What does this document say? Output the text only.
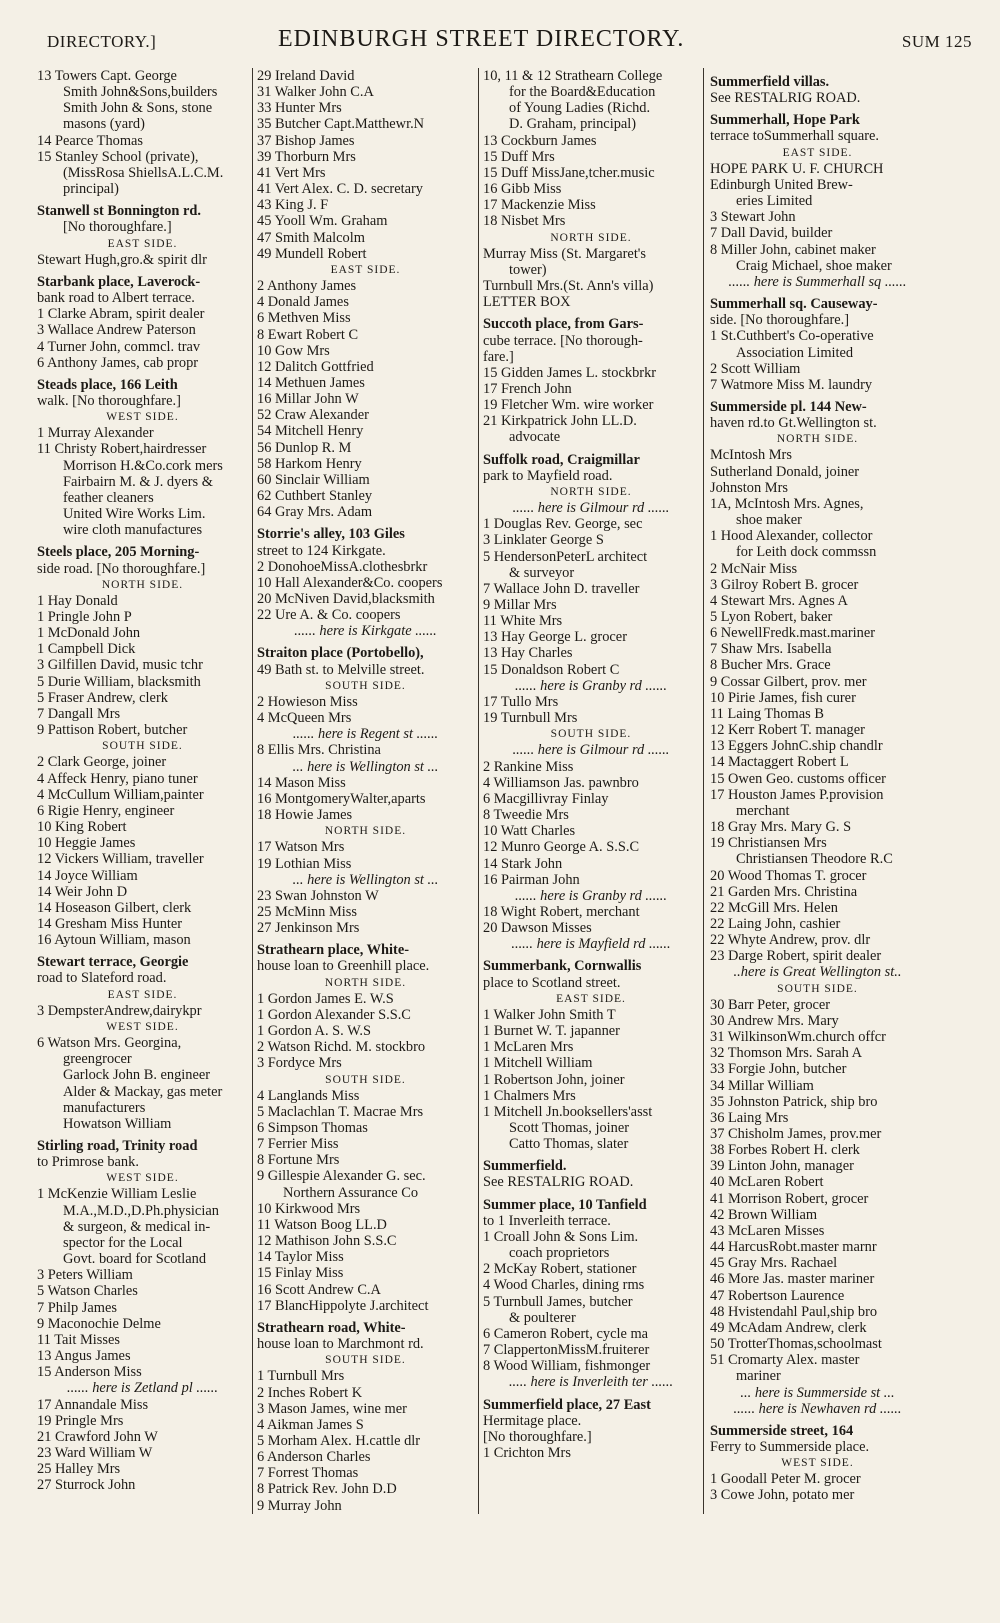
DIRECTORY.]	EDINBURGH STREET DIRECTORY.	SUM 125
13 Towers Capt. George
Smith John&Sons,builders
Smith John & Sons, stone
masons (yard)
14 Pearce Thomas
15 Stanley School (private),
(MissRosa ShiellsA.L.C.M.
principal)
Stanwell st Bonnington rd.
[No thoroughfare.]
EAST SIDE.
Stewart Hugh,gro.& spirit dlr
Starbank place, Laverock-
bank road to Albert terrace.
1 Clarke Abram, spirit dealer
3 Wallace Andrew Paterson
4 Turner John, commcl. trav
6 Anthony James, cab propr
Steads place, 166 Leith
walk. [No thoroughfare.]
WEST SIDE.
1 Murray Alexander
11 Christy Robert,hairdresser
Morrison H.&Co.cork mers
Fairbairn M. & J. dyers &
feather cleaners
United Wire Works Lim.
wire cloth manufactures
Steels place, 205 Morning-
side road. [No thoroughfare.]
NORTH SIDE.
1 Hay Donald
1 Pringle John P
1 McDonald John
1 Campbell Dick
3 Gilfillen David, music tchr
5 Durie William, blacksmith
5 Fraser Andrew, clerk
7 Dangall Mrs
9 Pattison Robert, butcher
SOUTH SIDE.
2 Clark George, joiner
4 Affeck Henry, piano tuner
4 McCullum William,painter
6 Rigie Henry, engineer
10 King Robert
10 Heggie James
12 Vickers William, traveller
14 Joyce William
14 Weir John D
14 Hoseason Gilbert, clerk
14 Gresham Miss Hunter
16 Aytoun William, mason
Stewart terrace, Georgie
road to Slateford road.
EAST SIDE.
3 DempsterAndrew,dairykpr
WEST SIDE.
6 Watson Mrs. Georgina,
greengrocer
Garlock John B. engineer
Alder & Mackay, gas meter
manufacturers
Howatson William
Stirling road, Trinity road
to Primrose bank.
WEST SIDE.
1 McKenzie William Leslie
M.A.,M.D.,D.Ph.physician
& surgeon, & medical in-
spector for the Local
Govt. board for Scotland
3 Peters William
5 Watson Charles
7 Philp James
9 Maconochie Delme
11 Tait Misses
13 Angus James
15 Anderson Miss
...... here is Zetland pl ......
17 Annandale Miss
19 Pringle Mrs
21 Crawford John W
23 Ward William W
25 Halley Mrs
27 Sturrock John
29 Ireland David
31 Walker John C.A
33 Hunter Mrs
35 Butcher Capt.Matthewr.N
37 Bishop James
39 Thorburn Mrs
41 Vert Mrs
41 Vert Alex. C. D. secretary
43 King J. F
45 Yooll Wm. Graham
47 Smith Malcolm
49 Mundell Robert
EAST SIDE.
2 Anthony James
4 Donald James
6 Methven Miss
8 Ewart Robert C
10 Gow Mrs
12 Dalitch Gottfried
14 Methuen James
16 Millar John W
52 Craw Alexander
54 Mitchell Henry
56 Dunlop R. M
58 Harkom Henry
60 Sinclair William
62 Cuthbert Stanley
64 Gray Mrs. Adam
Storrie's alley, 103 Giles
street to 124 Kirkgate.
2 DonohoeMissA.clothesbrkr
10 Hall Alexander&Co. coopers
20 McNiven David,blacksmith
22 Ure A. & Co. coopers
...... here is Kirkgate ......
Straiton place (Portobello),
49 Bath st. to Melville street.
SOUTH SIDE.
2 Howieson Miss
4 McQueen Mrs
...... here is Regent st ......
8 Ellis Mrs. Christina
... here is Wellington st ...
14 Mason Miss
16 MontgomeryWalter,aparts
18 Howie James
NORTH SIDE.
17 Watson Mrs
19 Lothian Miss
... here is Wellington st ...
23 Swan Johnston W
25 McMinn Miss
27 Jenkinson Mrs
Strathearn place, White-
house loan to Greenhill place.
NORTH SIDE.
1 Gordon James E. W.S
1 Gordon Alexander S.S.C
1 Gordon A. S. W.S
2 Watson Richd. M. stockbro
3 Fordyce Mrs
SOUTH SIDE.
4 Langlands Miss
5 Maclachlan T. Macrae Mrs
6 Simpson Thomas
7 Ferrier Miss
8 Fortune Mrs
9 Gillespie Alexander G. sec.
Northern Assurance Co
10 Kirkwood Mrs
11 Watson Boog LL.D
12 Mathison John S.S.C
14 Taylor Miss
15 Finlay Miss
16 Scott Andrew C.A
17 BlancHippolyte J.architect
Strathearn road, White-
house loan to Marchmont rd.
SOUTH SIDE.
1 Turnbull Mrs
2 Inches Robert K
3 Mason James, wine mer
4 Aikman James S
5 Morham Alex. H.cattle dlr
6 Anderson Charles
7 Forrest Thomas
8 Patrick Rev. John D.D
9 Murray John
10, 11 & 12 Strathearn College
for the Board&Education
of Young Ladies (Richd.
D. Graham, principal)
13 Cockburn James
15 Duff Mrs
15 Duff MissJane,tcher.music
16 Gibb Miss
17 Mackenzie Miss
18 Nisbet Mrs
NORTH SIDE.
Murray Miss (St. Margaret's
tower)
Turnbull Mrs.(St. Ann's villa)
LETTER BOX
Succoth place, from Gars-
cube terrace. [No thorough-
fare.]
15 Gidden James L. stockbrkr
17 French John
19 Fletcher Wm. wire worker
21 Kirkpatrick John LL.D.
advocate
Suffolk road, Craigmillar
park to Mayfield road.
NORTH SIDE.
...... here is Gilmour rd ......
1 Douglas Rev. George, sec
3 Linklater George S
5 HendersonPeterL architect
& surveyor
7 Wallace John D. traveller
9 Millar Mrs
11 White Mrs
13 Hay George L. grocer
13 Hay Charles
15 Donaldson Robert C
...... here is Granby rd ......
17 Tullo Mrs
19 Turnbull Mrs
SOUTH SIDE.
...... here is Gilmour rd ......
2 Rankine Miss
4 Williamson Jas. pawnbro
6 Macgillivray Finlay
8 Tweedie Mrs
10 Watt Charles
12 Munro George A. S.S.C
14 Stark John
16 Pairman John
...... here is Granby rd ......
18 Wight Robert, merchant
20 Dawson Misses
...... here is Mayfield rd ......
Summerbank, Cornwallis
place to Scotland street.
EAST SIDE.
1 Walker John Smith T
1 Burnet W. T. japanner
1 McLaren Mrs
1 Mitchell William
1 Robertson John, joiner
1 Chalmers Mrs
1 Mitchell Jn.booksellers'asst
Scott Thomas, joiner
Catto Thomas, slater
Summerfield.
See RESTALRIG ROAD.
Summer place, 10 Tanfield
to 1 Inverleith terrace.
1 Croall John & Sons Lim.
coach proprietors
2 McKay Robert, stationer
4 Wood Charles, dining rms
5 Turnbull James, butcher
& poulterer
6 Cameron Robert, cycle ma
7 ClappertonMissM.fruiterer
8 Wood William, fishmonger
..... here is Inverleith ter ......
Summerfield place, 27 East
Hermitage place.
[No thoroughfare.]
1 Crichton Mrs
Summerfield villas.
See RESTALRIG ROAD.
Summerhall, Hope Park
terrace toSummerhall square.
EAST SIDE.
HOPE PARK U. F. CHURCH
Edinburgh United Brew-
eries Limited
3 Stewart John
7 Dall David, builder
8 Miller John, cabinet maker
Craig Michael, shoe maker
...... here is Summerhall sq ......
Summerhall sq. Causeway-
side. [No thoroughfare.]
1 St.Cuthbert's Co-operative
Association Limited
2 Scott William
7 Watmore Miss M. laundry
Summerside pl. 144 New-
haven rd.to Gt.Wellington st.
NORTH SIDE.
McIntosh Mrs
Sutherland Donald, joiner
Johnston Mrs
1A, McIntosh Mrs. Agnes,
shoe maker
1 Hood Alexander, collector
for Leith dock commssn
2 McNair Miss
3 Gilroy Robert B. grocer
4 Stewart Mrs. Agnes A
5 Lyon Robert, baker
6 NewellFredk.mast.mariner
7 Shaw Mrs. Isabella
8 Bucher Mrs. Grace
9 Cossar Gilbert, prov. mer
10 Pirie James, fish curer
11 Laing Thomas B
12 Kerr Robert T. manager
13 Eggers JohnC.ship chandlr
14 Mactaggert Robert L
15 Owen Geo. customs officer
17 Houston James P.provision
merchant
18 Gray Mrs. Mary G. S
19 Christiansen Mrs
Christiansen Theodore R.C
20 Wood Thomas T. grocer
21 Garden Mrs. Christina
22 McGill Mrs. Helen
22 Laing John, cashier
22 Whyte Andrew, prov. dlr
23 Darge Robert, spirit dealer
..here is Great Wellington st..
SOUTH SIDE.
30 Barr Peter, grocer
30 Andrew Mrs. Mary
31 WilkinsonWm.church offcr
32 Thomson Mrs. Sarah A
33 Forgie John, butcher
34 Millar William
35 Johnston Patrick, ship bro
36 Laing Mrs
37 Chisholm James, prov.mer
38 Forbes Robert H. clerk
39 Linton John, manager
40 McLaren Robert
41 Morrison Robert, grocer
42 Brown William
43 McLaren Misses
44 HarcusRobt.master marnr
45 Gray Mrs. Rachael
46 More Jas. master mariner
47 Robertson Laurence
48 Hvistendahl Paul,ship bro
49 McAdam Andrew, clerk
50 TrotterThomas,schoolmast
51 Cromarty Alex. master
mariner
... here is Summerside st ...
...... here is Newhaven rd ......
Summerside street, 164
Ferry to Summerside place.
WEST SIDE.
1 Goodall Peter M. grocer
3 Cowe John, potato mer
